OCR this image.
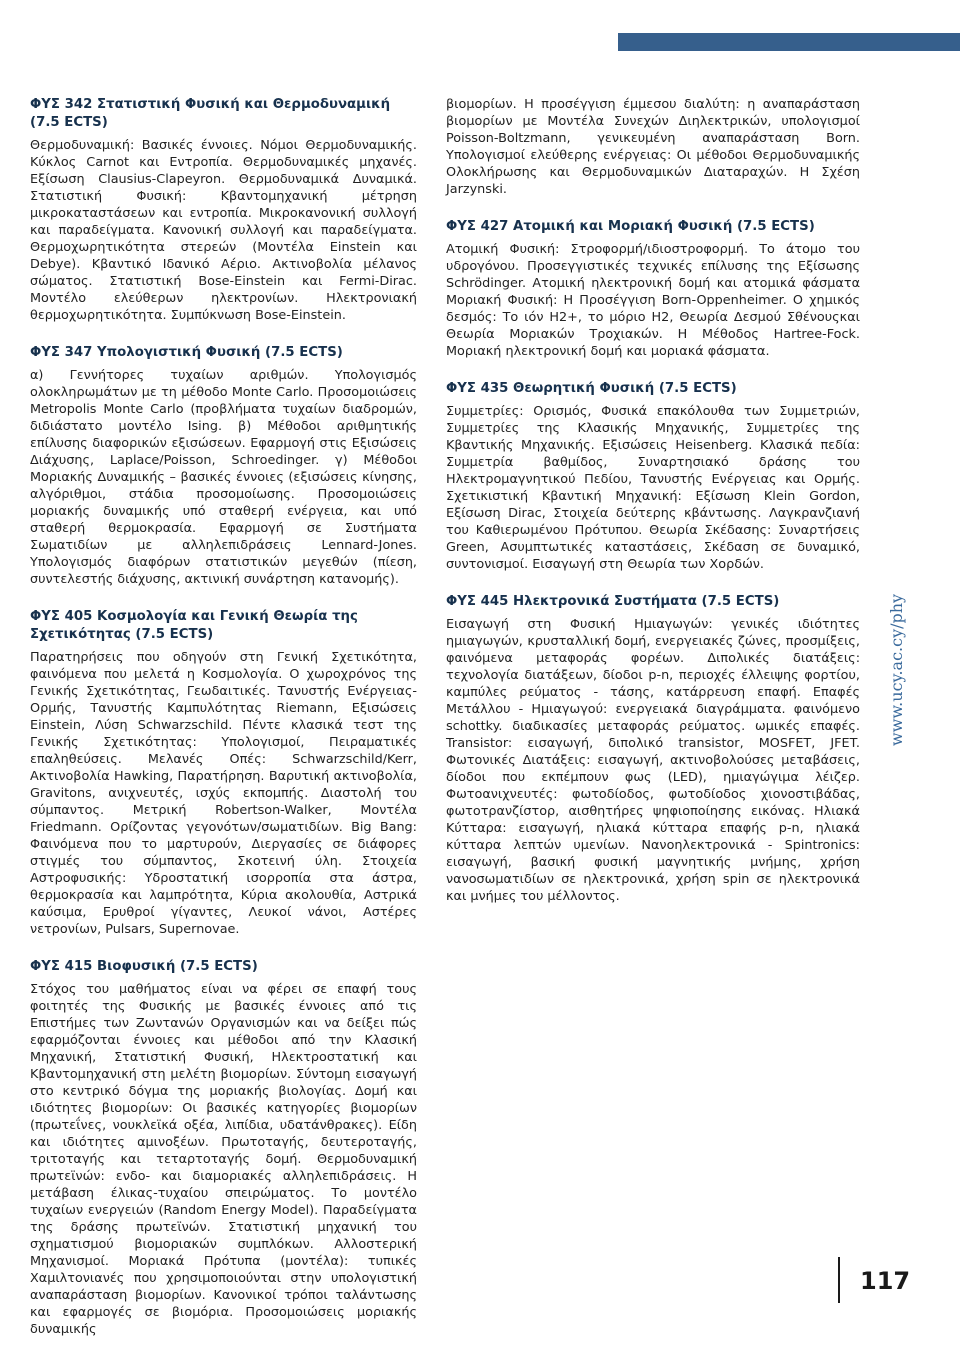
ΦΥΣ 342 Στατιστική Φυσική και Θερμοδυναμική (7.5 ECTS)
Θερμοδυναμική: Βασικές έννοιες. Νόμοι Θερμοδυναμικής. Κύκλος Carnot και Εντροπία. Θερμοδυναμικές μηχανές. Εξίσωση Clausius-Clapeyron. Θερμοδυναμικά Δυναμικά. Στατιστική Φυσική: Κβαντομηχανική μέτρηση μικροκαταστάσεων και εντροπία. Μικροκανονική συλλογή και παραδείγματα. Κανονική συλλογή και παραδείγματα. Θερμοχωρητικότητα στερεών (Μοντέλα Einstein και Debye). Κβαντικό Ιδανικό Αέριο. Ακτινοβολία μέλανος σώματος. Στατιστική Bose-Einstein και Fermi-Dirac. Μοντέλο ελεύθερων ηλεκτρονίων. Ηλεκτρονιακή θερμοχωρητικότητα. Συμπύκνωση Bose-Einstein.
ΦΥΣ 347 Υπολογιστική Φυσική (7.5 ECTS)
α) Γεννήτορες τυχαίων αριθμών. Υπολογισμός ολοκληρωμάτων με τη μέθοδο Monte Carlo. Προσομοιώσεις Metropolis Monte Carlo (προβλήματα τυχαίων διαδρομών, διδιάστατο μοντέλο Ising. β) Μέθοδοι αριθμητικής επίλυσης διαφορικών εξισώσεων. Εφαρμογή στις Εξισώσεις Διάχυσης, Laplace/Poisson, Schroedinger. γ) Μέθοδοι Μοριακής Δυναμικής – βασικές έννοιες (εξισώσεις κίνησης, αλγόριθμοι, στάδια προσομοίωσης. Προσομοιώσεις μοριακής δυναμικής υπό σταθερή ενέργεια, και υπό σταθερή θερμοκρασία. Εφαρμογή σε Συστήματα Σωματιδίων με αλληλεπιδράσεις Lennard-Jones. Υπολογισμός διαφόρων στατιστικών μεγεθών (πίεση, συντελεστής διάχυσης, ακτινική συνάρτηση κατανομής).
ΦΥΣ 405 Κοσμολογία και Γενική Θεωρία της Σχετικότητας (7.5 ECTS)
Παρατηρήσεις που οδηγούν στη Γενική Σχετικότητα, φαινόμενα που μελετά η Κοσμολογία. Ο χωροχρόνος της Γενικής Σχετικότητας, Γεωδαιτικές. Τανυστής Ενέργειας-Ορμής, Τανυστής Καμπυλότητας Riemann, Εξισώσεις Einstein, Λύση Schwarzschild. Πέντε κλασικά τεστ της Γενικής Σχετικότητας: Υπολογισμοί, Πειραματικές επαληθεύσεις. Μελανές Οπές: Schwarzschild/Kerr, Ακτινοβολία Hawking, Παρατήρηση. Βαρυτική ακτινοβολία, Gravitons, ανιχνευτές, ισχύς εκπομπής. Διαστολή του σύμπαντος. Μετρική Robertson-Walker, Μοντέλα Friedmann. Ορίζοντας γεγονότων/σωματιδίων. Big Bang: Φαινόμενα που το μαρτυρούν, Διεργασίες σε διάφορες στιγμές του σύμπαντος, Σκοτεινή ύλη. Στοιχεία Αστροφυσικής: Υδροστατική ισορροπία στα άστρα, θερμοκρασία και λαμπρότητα, Κύρια ακολουθία, Αστρικά καύσιμα, Ερυθροί γίγαντες, Λευκοί νάνοι, Αστέρες νετρονίων, Pulsars, Supernovae.
ΦΥΣ 415 Βιοφυσική (7.5 ECTS)
Στόχος του μαθήματος είναι να φέρει σε επαφή τους φοιτητές της Φυσικής με βασικές έννοιες από τις Επιστήμες των Ζωντανών Οργανισμών και να δείξει πώς εφαρμόζονται έννοιες και μέθοδοι από την Κλασική Μηχανική, Στατιστική Φυσική, Ηλεκτροστατική και Κβαντομηχανική στη μελέτη βιομορίων. Σύντομη εισαγωγή στο κεντρικό δόγμα της μοριακής βιολογίας. Δομή και ιδιότητες βιομορίων: Οι βασικές κατηγορίες βιομορίων (πρωτεΐνες, νουκλεϊκά οξέα, λιπίδια, υδατάνθρακες). Είδη και ιδιότητες αμινοξέων. Πρωτοταγής, δευτεροταγής, τριτοταγής και τεταρτοταγής δομή. Θερμοδυναμική πρωτεϊνών: ενδο- και διαμοριακές αλληλεπιδράσεις. Η μετάβαση έλικας-τυχαίου σπειρώματος. Το μοντέλο τυχαίων ενεργειών (Random Energy Model). Παραδείγματα της δράσης πρωτεϊνών. Στατιστική μηχανική του σχηματισμού βιομοριακών συμπλόκων. Αλλοστερική Μηχανισμοί. Μοριακά Πρότυπα (μοντέλα): τυπικές Χαμιλτονιανές που χρησιμοποιούνται στην υπολογιστική αναπαράσταση βιομορίων. Κανονικοί τρόποι ταλάντωσης και εφαρμογές σε βιομόρια. Προσομοιώσεις μοριακής δυναμικής
βιομορίων. Η προσέγγιση έμμεσου διαλύτη: η αναπαράσταση βιομορίων με Μοντέλα Συνεχών Διηλεκτρικών, υπολογισμοί Poisson-Boltzmann, γενικευμένη αναπαράσταση Born. Υπολογισμοί ελεύθερης ενέργειας: Οι μέθοδοι Θερμοδυναμικής Ολοκλήρωσης και Θερμοδυναμικών Διαταραχών. Η Σχέση Jarzynski.
ΦΥΣ 427 Ατομική και Μοριακή Φυσική (7.5 ECTS)
Ατομική Φυσική: Στροφορμή/ιδιοστροφορμή. Το άτομο του υδρογόνου. Προσεγγιστικές τεχνικές επίλυσης της Εξίσωσης Schrödinger. Ατομική ηλεκτρονική δομή και ατομικά φάσματα Μοριακή Φυσική: Η Προσέγγιση Born-Oppenheimer. Ο χημικός δεσμός: Το ιόν H2+, το μόριο H2, Θεωρία Δεσμού Σθένουςκαι Θεωρία Μοριακών Τροχιακών. Η Μέθοδος Hartree-Fock. Μοριακή ηλεκτρονική δομή και μοριακά φάσματα.
ΦΥΣ 435 Θεωρητική Φυσική (7.5 ECTS)
Συμμετρίες: Ορισμός, Φυσικά επακόλουθα των Συμμετριών, Συμμετρίες της Κλασικής Μηχανικής, Συμμετρίες της Κβαντικής Μηχανικής. Εξισώσεις Heisenberg. Κλασικά πεδία: Συμμετρία βαθμίδος, Συναρτησιακό δράσης του Ηλεκτρομαγνητικού Πεδίου, Τανυστής Ενέργειας και Ορμής. Σχετικιστική Κβαντική Μηχανική: Εξίσωση Klein Gordon, Εξίσωση Dirac, Στοιχεία δεύτερης κβάντωσης. Λαγκρανζιανή του Καθιερωμένου Πρότυπου. Θεωρία Σκέδασης: Συναρτήσεις Green, Ασυμπτωτικές καταστάσεις, Σκέδαση σε δυναμικό, συντονισμοί. Εισαγωγή στη Θεωρία των Χορδών.
ΦΥΣ 445 Ηλεκτρονικά Συστήματα (7.5 ECTS)
Εισαγωγή στη Φυσική Ημιαγωγών: γενικές ιδιότητες ημιαγωγών, κρυσταλλική δομή, ενεργειακές ζώνες, προσμίξεις, φαινόμενα μεταφοράς φορέων. Διπολικές διατάξεις: τεχνολογία διατάξεων, δίοδοι p-n, περιοχές έλλειψης φορτίου, καμπύλες ρεύματος - τάσης, κατάρρευση επαφή. Επαφές Μετάλλου - Ημιαγωγού: ενεργειακά διαγράμματα. φαινόμενο schottky. διαδικασίες μεταφοράς ρεύματος. ωμικές επαφές. Transistor: εισαγωγή, διπολικό transistor, MOSFET, JFET. Φωτονικές Διατάξεις: εισαγωγή, ακτινοβολούσες μεταβάσεις, δίοδοι που εκπέμπουν φως (LED), ημιαγώγιμα λέιζερ. Φωτοανιχνευτές: φωτοδίοδος, φωτοδίοδος χιονοστιβάδας, φωτοτρανζίστορ, αισθητήρες ψηφιοποίησης εικόνας. Ηλιακά Κύτταρα: εισαγωγή, ηλιακά κύτταρα επαφής p-n, ηλιακά κύτταρα λεπτών υμενίων. Νανοηλεκτρονικά - Spintronics: εισαγωγή, βασική φυσική μαγνητικής μνήμης, χρήση νανοσωματιδίων σε ηλεκτρονικά, χρήση spin σε ηλεκτρονικά και μνήμες του μέλλοντος.
www.ucy.ac.cy/phy
117
